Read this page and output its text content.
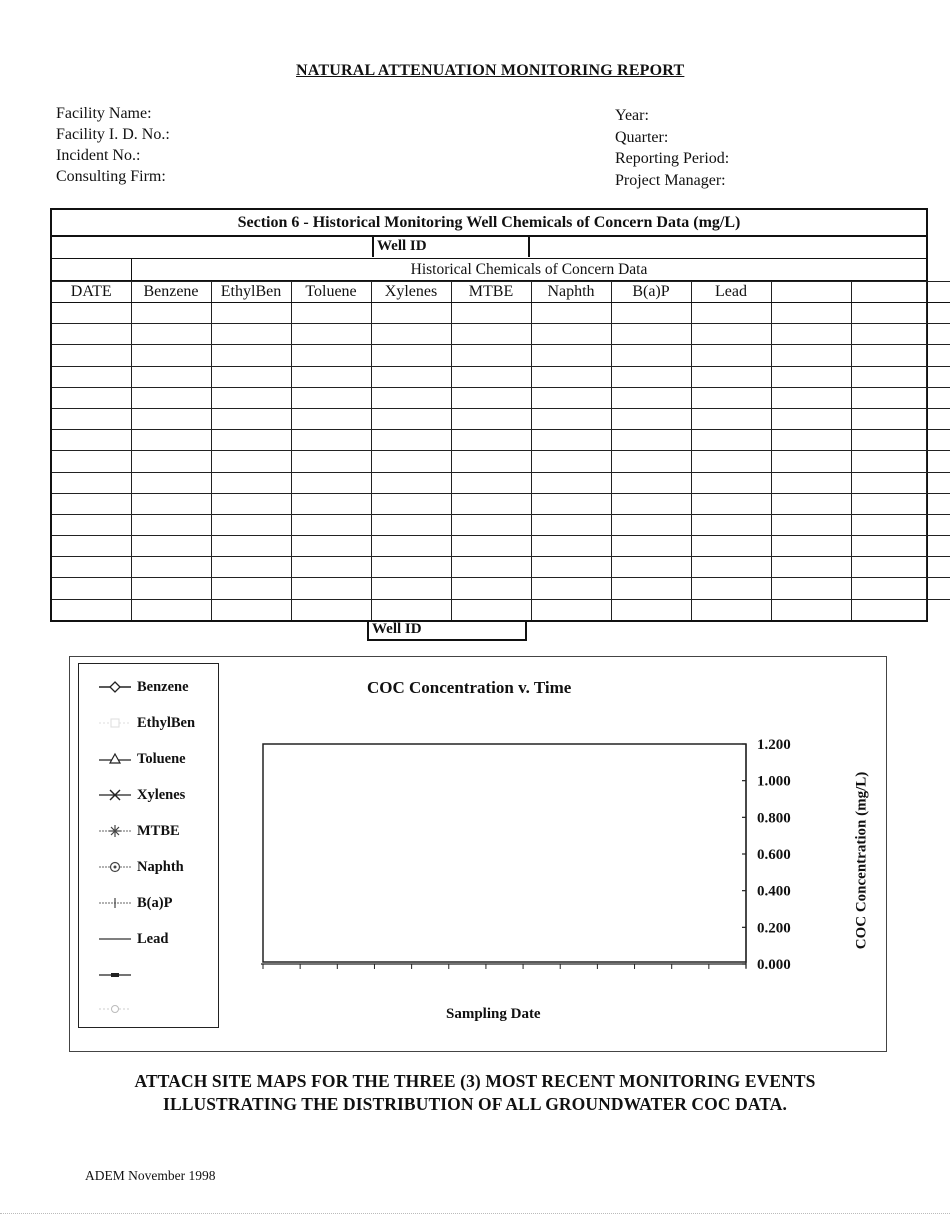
NATURAL ATTENUATION MONITORING REPORT
Facility Name:
Facility I. D. No.:
Incident No.:
Consulting Firm:
Year:
Quarter:
Reporting Period:
Project Manager:
Section 6 - Historical Monitoring Well Chemicals of Concern Data (mg/L)
Well ID
Historical Chemicals of Concern Data
DATE	Benzene	EthylBen	Toluene	Xylenes	MTBE	Naphth	B(a)P	Lead			

Well ID
Benzene
EthylBen
Toluene
Xylenes
MTBE
Naphth
B(a)P
Lead
COC Concentration v. Time
1.200
1.000
0.800
0.600
0.400
0.200
0.000
Sampling Date
COC Concentration (mg/L)
ATTACH SITE MAPS FOR THE THREE (3) MOST RECENT MONITORING EVENTS
ILLUSTRATING THE DISTRIBUTION OF ALL GROUNDWATER COC DATA.
ADEM November 1998
